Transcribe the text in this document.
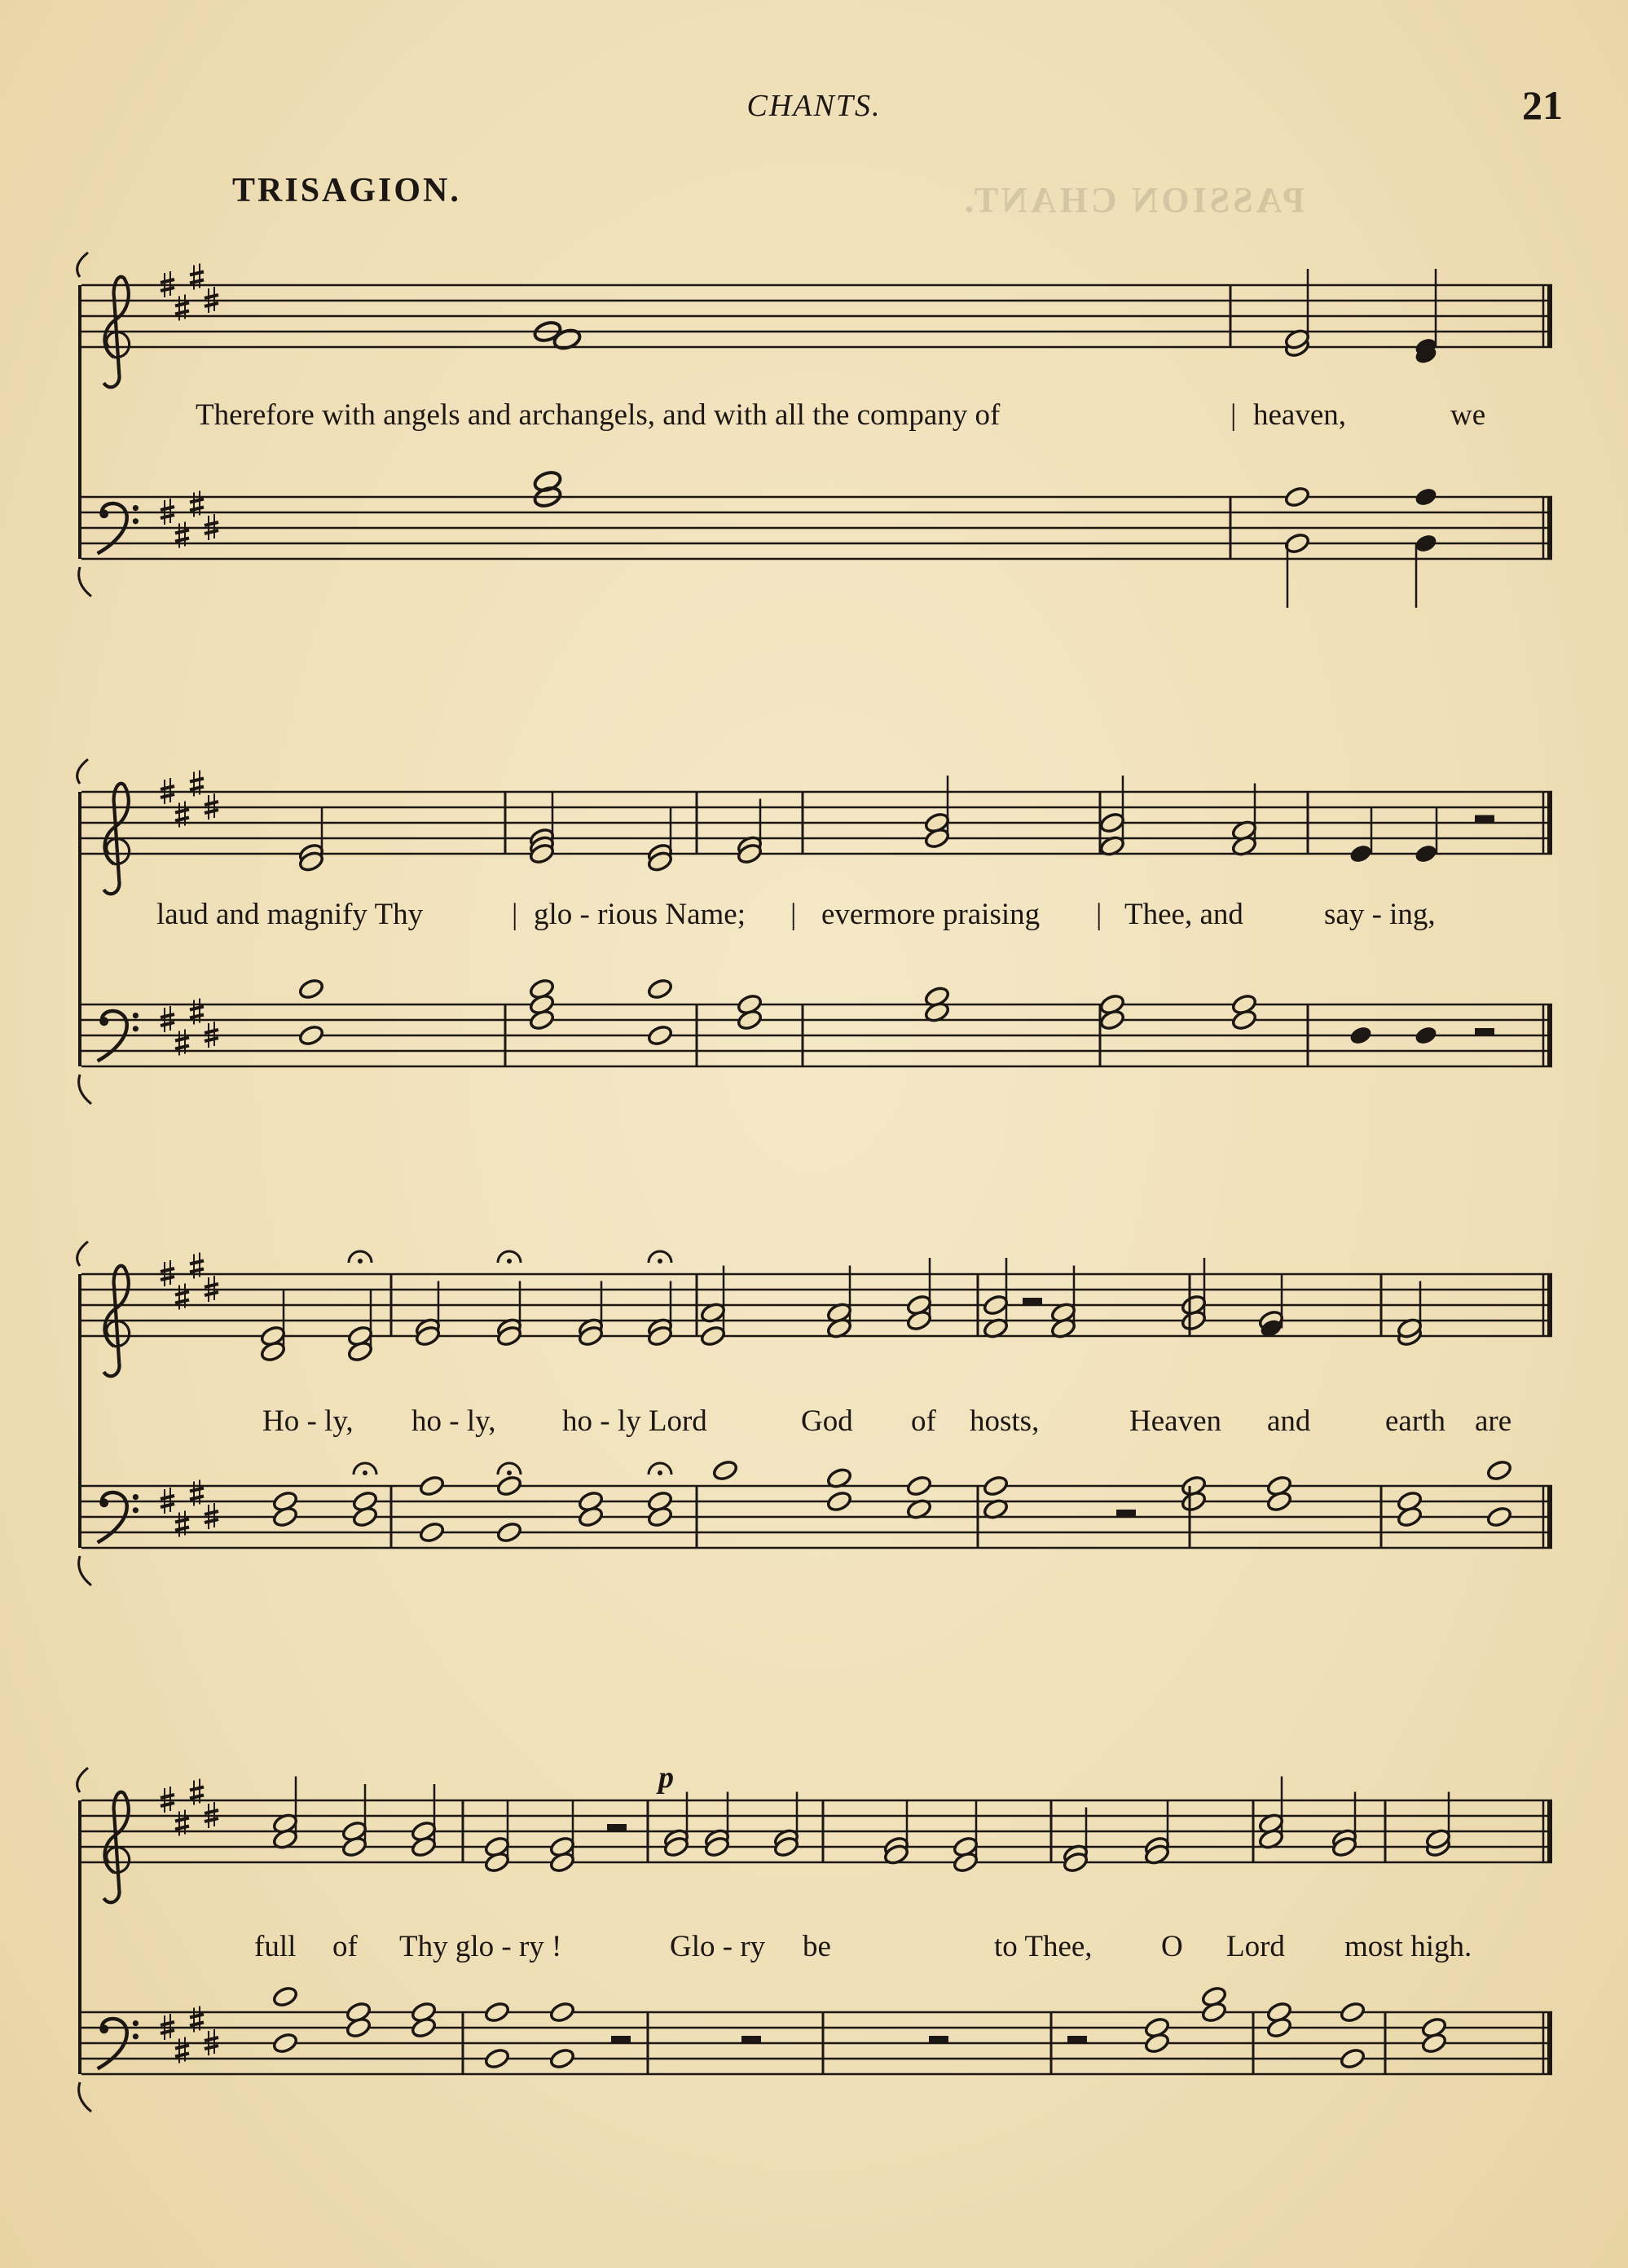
PASSION CHANT.
CHANTS.	21
TRISAGION.
Therefore with angels and archangels, and with all the company of	| heaven,	we
laud and magnify Thy	| glo - rious Name; | evermore praising | Thee, and	say - ing,
Ho - ly, ho - ly, ho - ly Lord	God of hosts,	Heaven and earth are
full of Thy glo - ry !	Glo - ry be	to Thee, O Lord most high.
p
